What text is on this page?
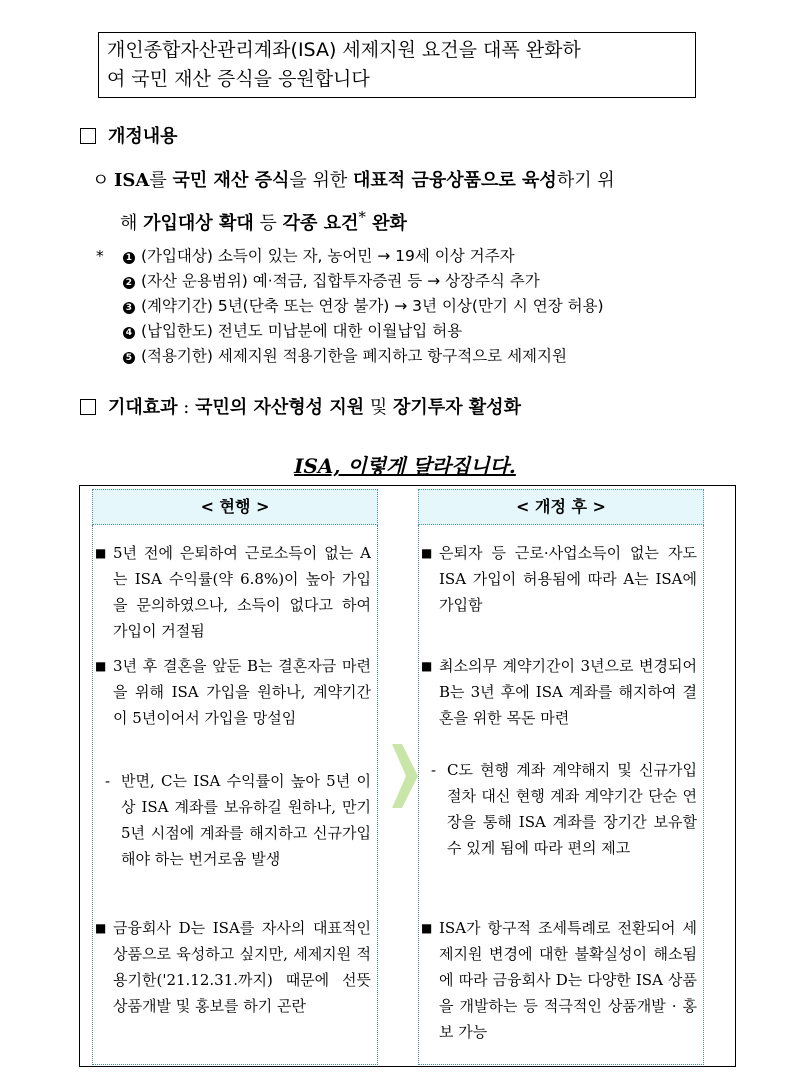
개인종합자산관리계좌(ISA) 세제지원 요건을 대폭 완화하
여 국민 재산 증식을 응원합니다
개정내용
ㅇ ISA를 국민 재산 증식을 위한 대표적 금융상품으로 육성하기 위
해 가입대상 확대 등 각종 요건* 완화
*	1 (가입대상) 소득이 있는 자, 농어민 → 19세 이상 거주자
2 (자산 운용범위) 예·적금, 집합투자증권 등 → 상장주식 추가
3 (계약기간) 5년(단축 또는 연장 불가) → 3년 이상(만기 시 연장 허용)
4 (납입한도) 전년도 미납분에 대한 이월납입 허용
5 (적용기한) 세제지원 적용기한을 폐지하고 항구적으로 세제지원
기대효과 : 국민의 자산형성 지원 및 장기투자 활성화
ISA, 이렇게 달라집니다.
< 현행 >
■ 5년 전에 은퇴하여 근로소득이 없는 A는 ISA 수익률(약 6.8%)이 높아 가입을 문의하였으나, 소득이 없다고 하여 가입이 거절됨
■ 3년 후 결혼을 앞둔 B는 결혼자금 마련을 위해 ISA 가입을 원하나, 계약기간이 5년이어서 가입을 망설임
- 반면, C는 ISA 수익률이 높아 5년 이상 ISA 계좌를 보유하길 원하나, 만기 5년 시점에 계좌를 해지하고 신규가입해야 하는 번거로움 발생
■ 금융회사 D는 ISA를 자사의 대표적인 상품으로 육성하고 싶지만, 세제지원 적용기한('21.12.31.까지) 때문에 선뜻 상품개발 및 홍보를 하기 곤란
< 개정 후 >
■ 은퇴자 등 근로·사업소득이 없는 자도 ISA 가입이 허용됨에 따라 A는 ISA에 가입함
■ 최소의무 계약기간이 3년으로 변경되어 B는 3년 후에 ISA 계좌를 해지하여 결혼을 위한 목돈 마련
- C도 현행 계좌 계약해지 및 신규가입 절차 대신 현행 계좌 계약기간 단순 연장을 통해 ISA 계좌를 장기간 보유할 수 있게 됨에 따라 편의 제고
■ ISA가 항구적 조세특례로 전환되어 세제지원 변경에 대한 불확실성이 해소됨에 따라 금융회사 D는 다양한 ISA 상품을 개발하는 등 적극적인 상품개발 · 홍보 가능
